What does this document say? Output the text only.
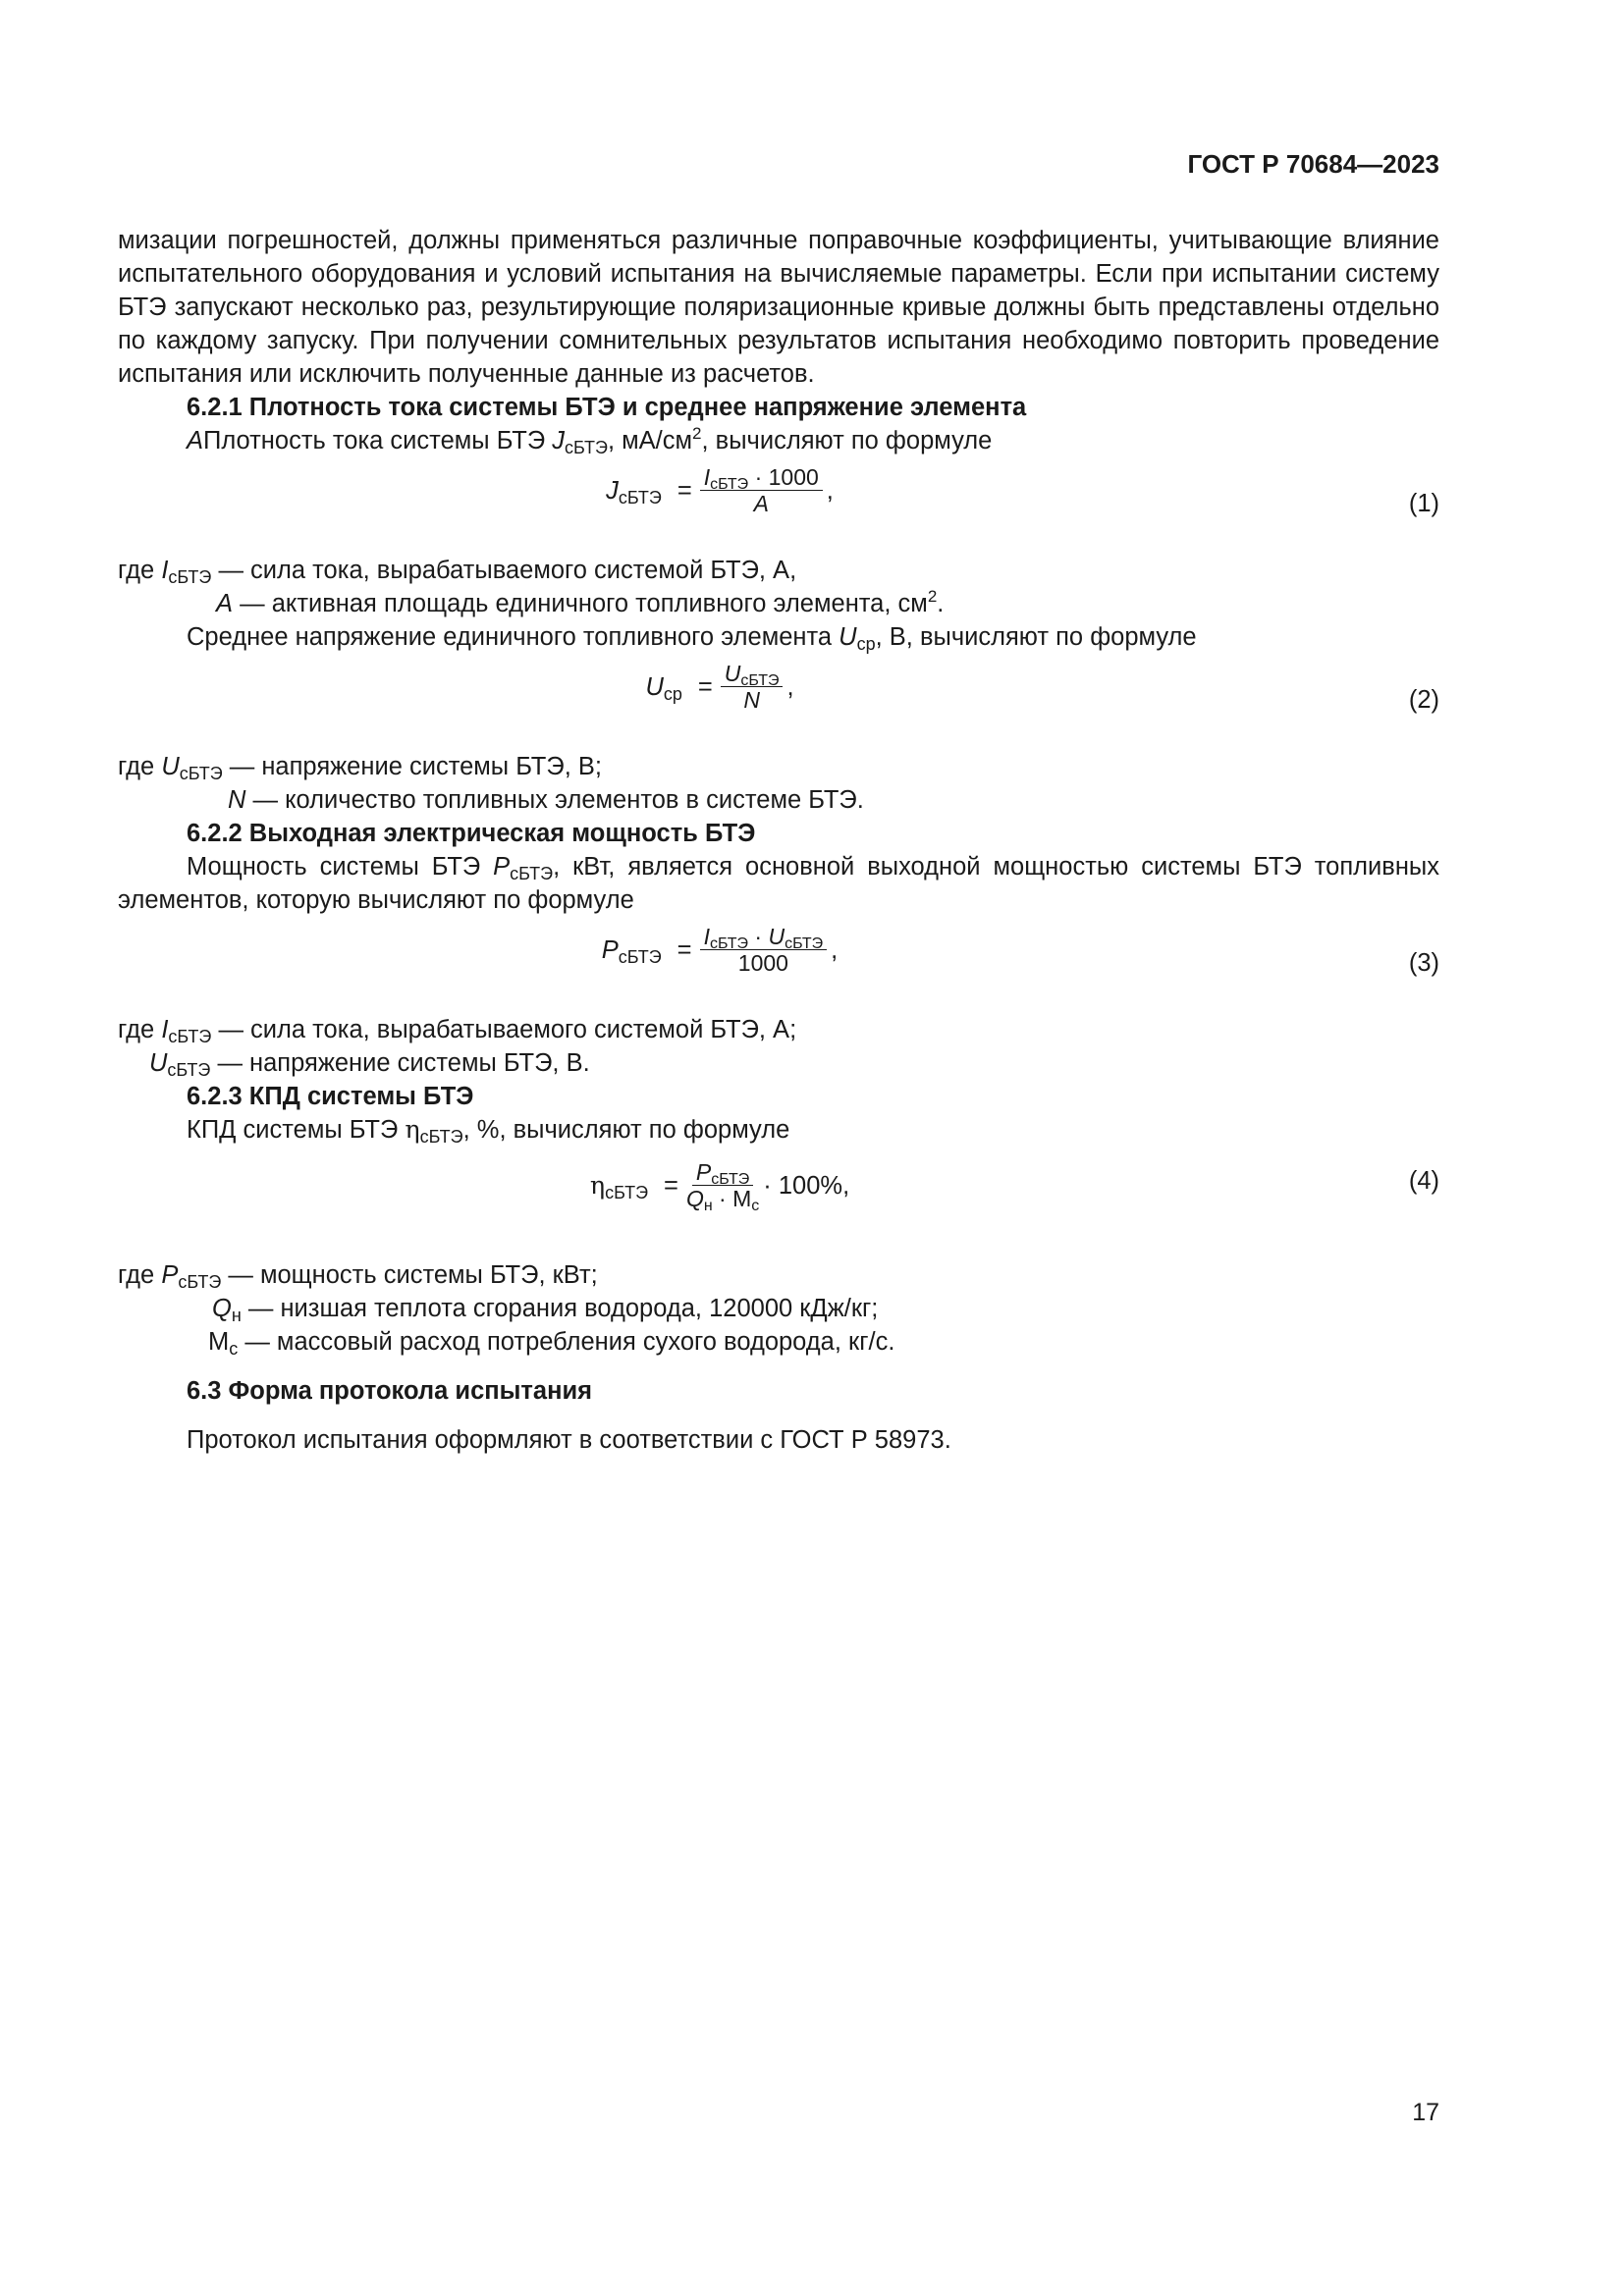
ГОСТ Р 70684—2023

мизации погрешностей, должны применяться различные поправочные коэффициенты, учитывающие влияние испытательного оборудования и условий испытания на вычисляемые параметры. Если при испытании систему БТЭ запускают несколько раз, результирующие поляризационные кривые должны быть представлены отдельно по каждому запуску. При получении сомнительных результатов испытания необходимо повторить проведение испытания или исключить полученные данные из расчетов.

6.2.1 Плотность тока системы БТЭ и среднее напряжение элемента

АПлотность тока системы БТЭ $J_{сБТЭ}$, $мА/см^2$, вычисляют по формуле

$J_{сБТЭ} = \frac{I_{сБТЭ} \cdot 1000}{A}$ ,	(1)

где $I_{сБТЭ}$ — сила тока, вырабатываемого системой БТЭ, А,

A — активная площадь единичного топливного элемента, $см^2$.

Среднее напряжение единичного топливного элемента $U_{ср}$, В, вычисляют по формуле

$U_{ср} = \frac{U_{сБТЭ}}{N}$ ,	(2)

где $U_{сБТЭ}$ — напряжение системы БТЭ, В;

N — количество топливных элементов в системе БТЭ.

6.2.2 Выходная электрическая мощность БТЭ

Мощность системы БТЭ $P_{сБТЭ}$, кВт, является основной выходной мощностью системы БТЭ топливных элементов, которую вычисляют по формуле

$P_{сБТЭ} = \frac{I_{сБТЭ} \cdot U_{сБТЭ}}{1000}$ ,	(3)

где $I_{сБТЭ}$ — сила тока, вырабатываемого системой БТЭ, А;

$U_{сБТЭ}$ — напряжение системы БТЭ, В.

6.2.3 КПД системы БТЭ

КПД системы БТЭ $\eta_{сБТЭ}$, %, вычисляют по формуле

$\eta_{сБТЭ} = \frac{P_{сБТЭ}}{Q_н \cdot M_с} \cdot 100\%$,	(4)

где $P_{сБТЭ}$ — мощность системы БТЭ, кВт;

$Q_н$ — низшая теплота сгорания водорода, 120000 кДж/кг;

$M_с$ — массовый расход потребления сухого водорода, кг/с.

6.3 Форма протокола испытания

Протокол испытания оформляют в соответствии с ГОСТ Р 58973.

17
